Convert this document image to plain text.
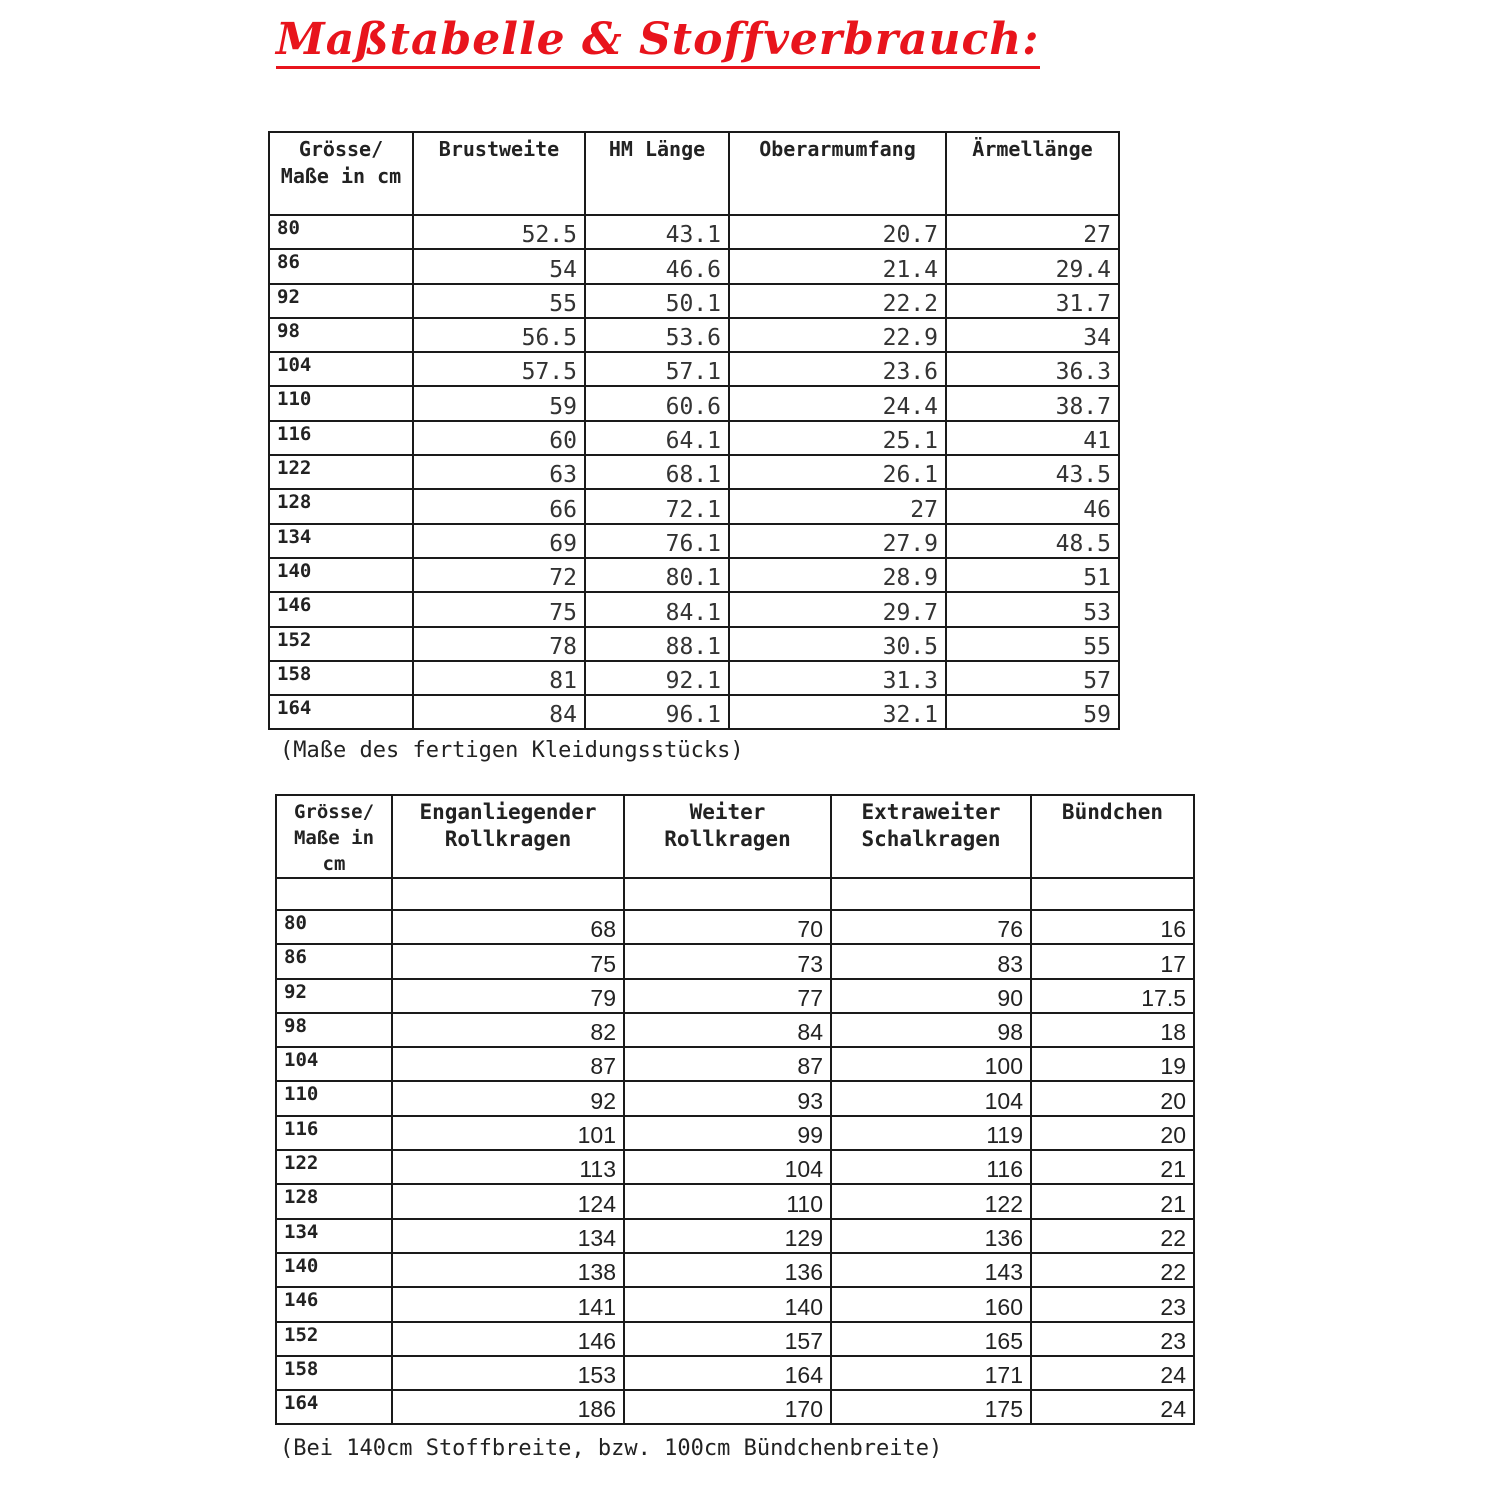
Maßtabelle & Stoffverbrauch:
Grösse/ Maße in cm	Brustweite	HM Länge	Oberarmumfang	Ärmellänge
80	52.5	43.1	20.7	27
86	54	46.6	21.4	29.4
92	55	50.1	22.2	31.7
98	56.5	53.6	22.9	34
104	57.5	57.1	23.6	36.3
110	59	60.6	24.4	38.7
116	60	64.1	25.1	41
122	63	68.1	26.1	43.5
128	66	72.1	27	46
134	69	76.1	27.9	48.5
140	72	80.1	28.9	51
146	75	84.1	29.7	53
152	78	88.1	30.5	55
158	81	92.1	31.3	57
164	84	96.1	32.1	59
(Maße des fertigen Kleidungsstücks)
Grösse/ Maße in cm	Enganliegender Rollkragen	Weiter Rollkragen	Extraweiter Schalkragen	Bündchen

80	68	70	76	16
86	75	73	83	17
92	79	77	90	17.5
98	82	84	98	18
104	87	87	100	19
110	92	93	104	20
116	101	99	119	20
122	113	104	116	21
128	124	110	122	21
134	134	129	136	22
140	138	136	143	22
146	141	140	160	23
152	146	157	165	23
158	153	164	171	24
164	186	170	175	24
(Bei 140cm Stoffbreite, bzw. 100cm Bündchenbreite)
